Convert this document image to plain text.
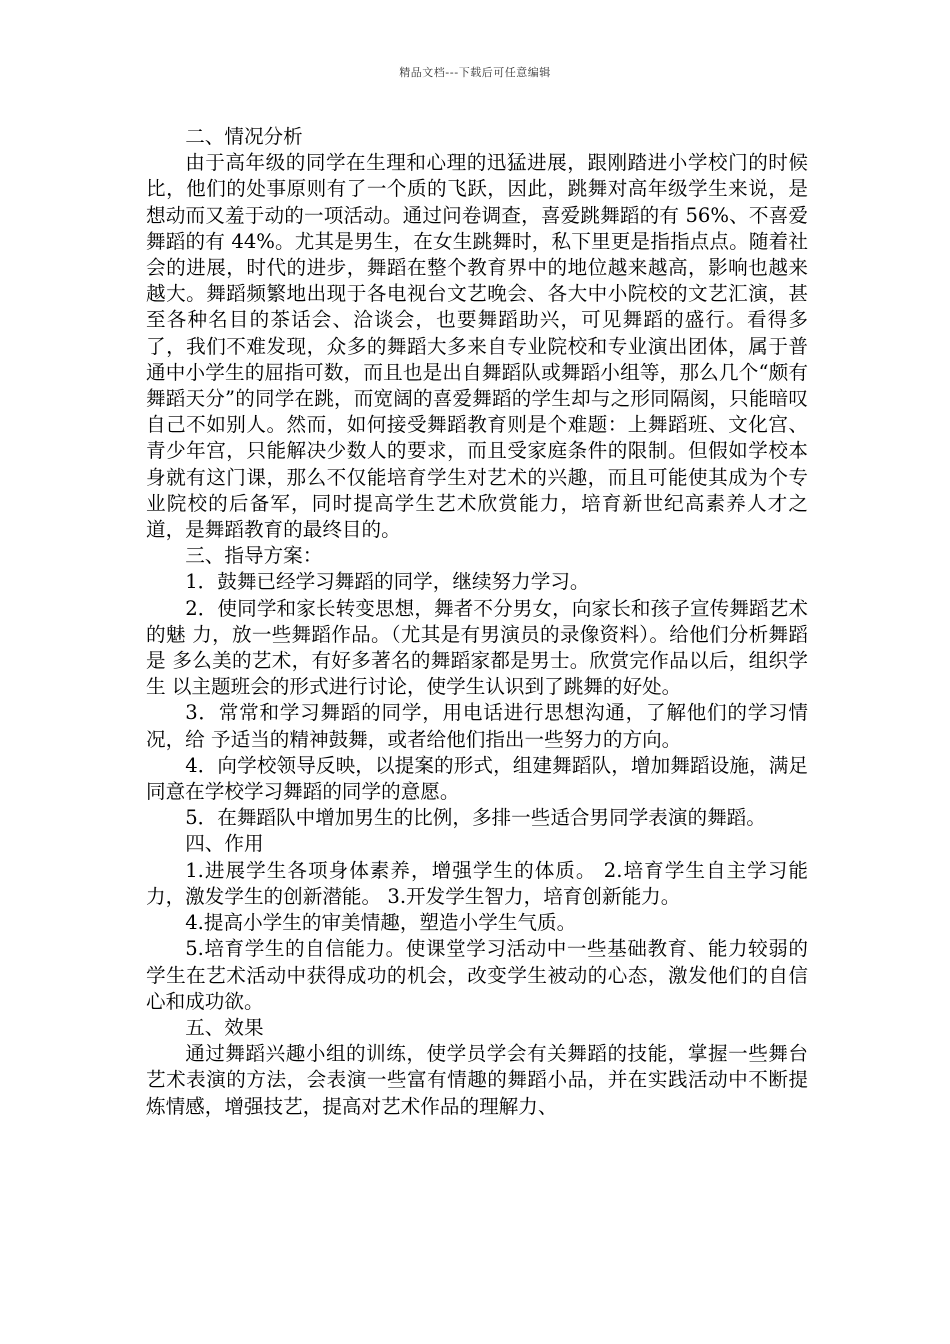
精品文档---下载后可任意编辑

二、情况分析

由于高年级的同学在生理和心理的迅猛进展，跟刚踏进小学校门的时候比，他们的处事原则有了一个质的飞跃，因此，跳舞对高年级学生来说，是想动而又羞于动的一项活动。通过问卷调查，喜爱跳舞蹈的有 56%、不喜爱舞蹈的有 44%。尤其是男生，在女生跳舞时，私下里更是指指点点。随着社会的进展，时代的进步，舞蹈在整个教育界中的地位越来越高，影响也越来越大。舞蹈频繁地出现于各电视台文艺晚会、各大中小院校的文艺汇演，甚至各种名目的茶话会、洽谈会，也要舞蹈助兴，可见舞蹈的盛行。看得多了，我们不难发现，众多的舞蹈大多来自专业院校和专业演出团体，属于普通中小学生的屈指可数，而且也是出自舞蹈队或舞蹈小组等，那么几个“颇有舞蹈天分”的同学在跳，而宽阔的喜爱舞蹈的学生却与之形同隔阂，只能暗叹自己不如别人。然而，如何接受舞蹈教育则是个难题：上舞蹈班、文化宫、青少年宫，只能解决少数人的要求，而且受家庭条件的限制。但假如学校本身就有这门课，那么不仅能培育学生对艺术的兴趣，而且可能使其成为个专业院校的后备军，同时提高学生艺术欣赏能力，培育新世纪高素养人才之道，是舞蹈教育的最终目的。

三、指导方案：

1．鼓舞已经学习舞蹈的同学，继续努力学习。

2．使同学和家长转变思想，舞者不分男女，向家长和孩子宣传舞蹈艺术的魅 力，放一些舞蹈作品。（尤其是有男演员的录像资料）。给他们分析舞蹈是 多么美的艺术，有好多著名的舞蹈家都是男士。欣赏完作品以后，组织学生 以主题班会的形式进行讨论，使学生认识到了跳舞的好处。

3．常常和学习舞蹈的同学，用电话进行思想沟通，了解他们的学习情况，给 予适当的精神鼓舞，或者给他们指出一些努力的方向。

4．向学校领导反映，以提案的形式，组建舞蹈队，增加舞蹈设施，满足同意在学校学习舞蹈的同学的意愿。

5．在舞蹈队中增加男生的比例，多排一些适合男同学表演的舞蹈。

四、作用

1.进展学生各项身体素养，增强学生的体质。 2.培育学生自主学习能力，激发学生的创新潜能。 3.开发学生智力，培育创新能力。

4.提高小学生的审美情趣，塑造小学生气质。

5.培育学生的自信能力。使课堂学习活动中一些基础教育、能力较弱的学生在艺术活动中获得成功的机会，改变学生被动的心态，激发他们的自信心和成功欲。

五、效果

通过舞蹈兴趣小组的训练，使学员学会有关舞蹈的技能，掌握一些舞台艺术表演的方法，会表演一些富有情趣的舞蹈小品，并在实践活动中不断提炼情感，增强技艺，提高对艺术作品的理解力、
